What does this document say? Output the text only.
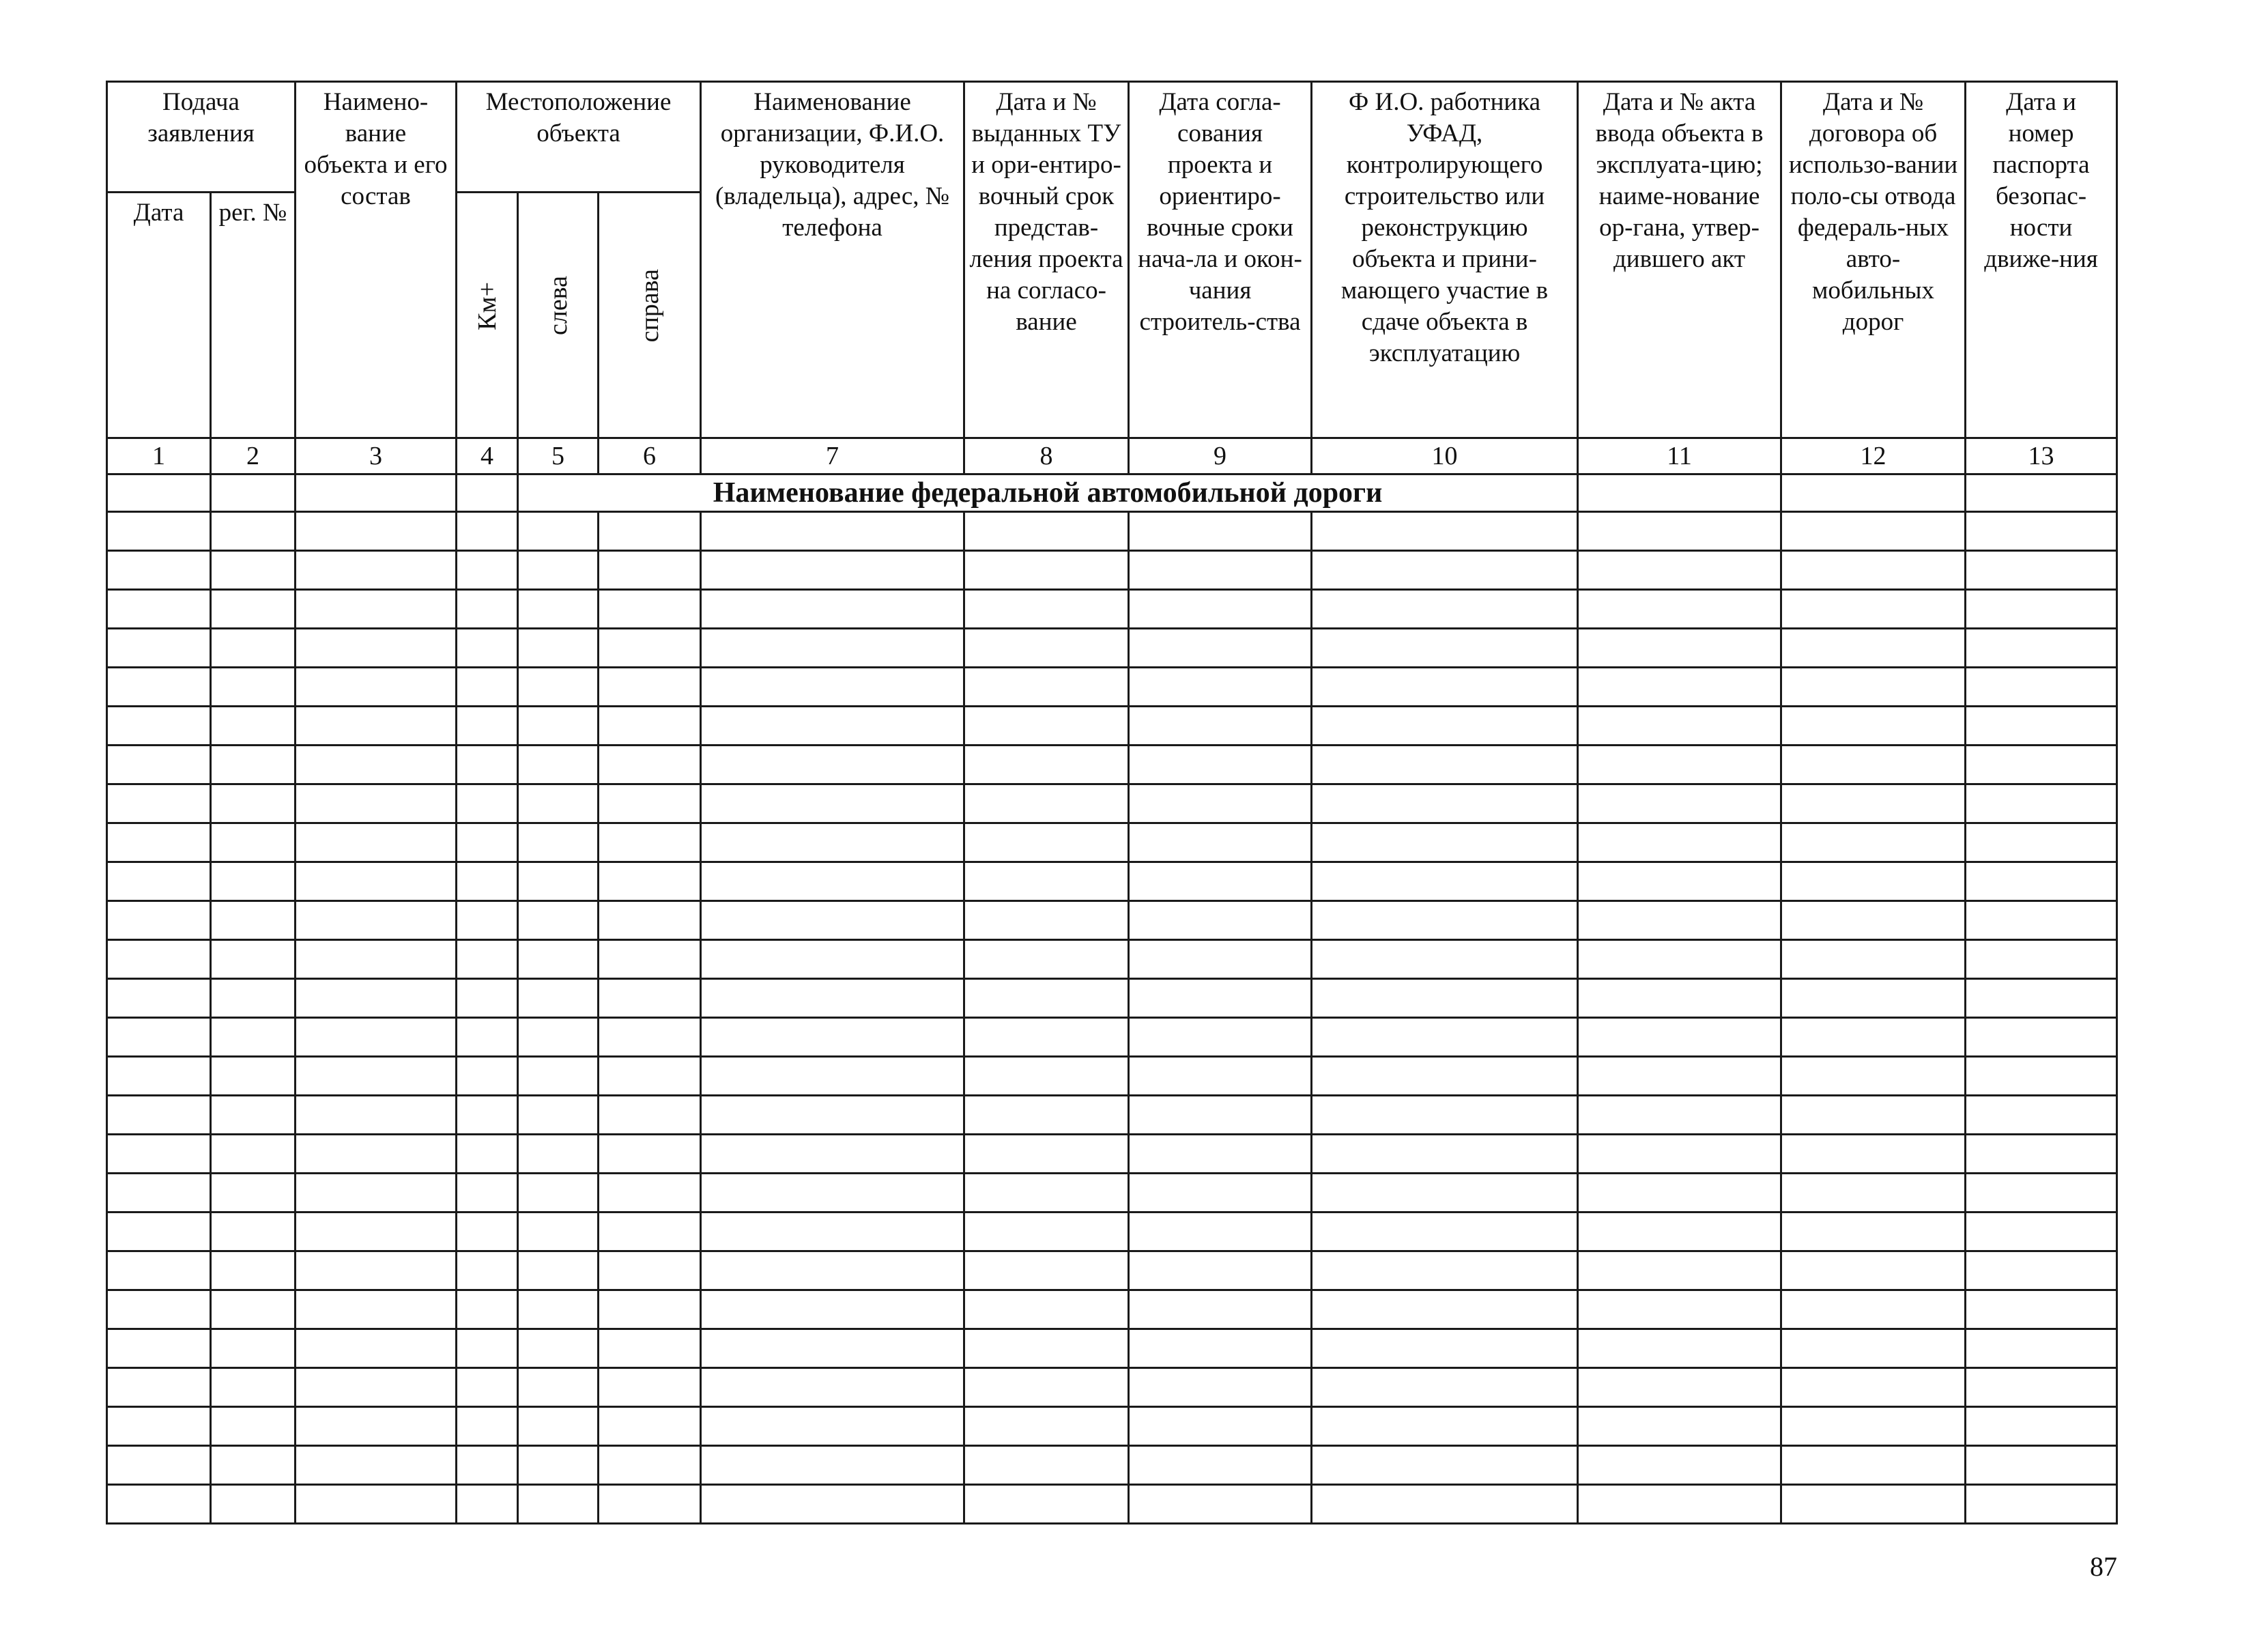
Подача заявления		Наимено-вание объекта и его состав	Местоположение объекта			Наименование организации, Ф.И.О. руководителя (владельца), адрес, № телефона	Дата и № выданных ТУ и ори-ентиро-вочный срок представ-ления проекта на согласо-вание	Дата согла-сования проекта и ориентиро-вочные сроки нача-ла и окон-чания строитель-ства	Ф И.О. работника УФАД, контролирующего строительство или реконструкцию объекта и прини-мающего участие в сдаче объекта в эксплуатацию	Дата и № акта ввода объекта в эксплуата-цию; наиме-нование ор-гана, утвер-дившего акт	Дата и № договора об использо-вании поло-сы отвода федераль-ных авто-мобильных дорог	Дата и номер паспорта безопас-ности движе-ния
Дата	рег. №		Км+	слева	справа							

1	2	3	4	5	6	7	8	9	10	11	12	13
				Наименование федеральной автомобильной дороги								

87
